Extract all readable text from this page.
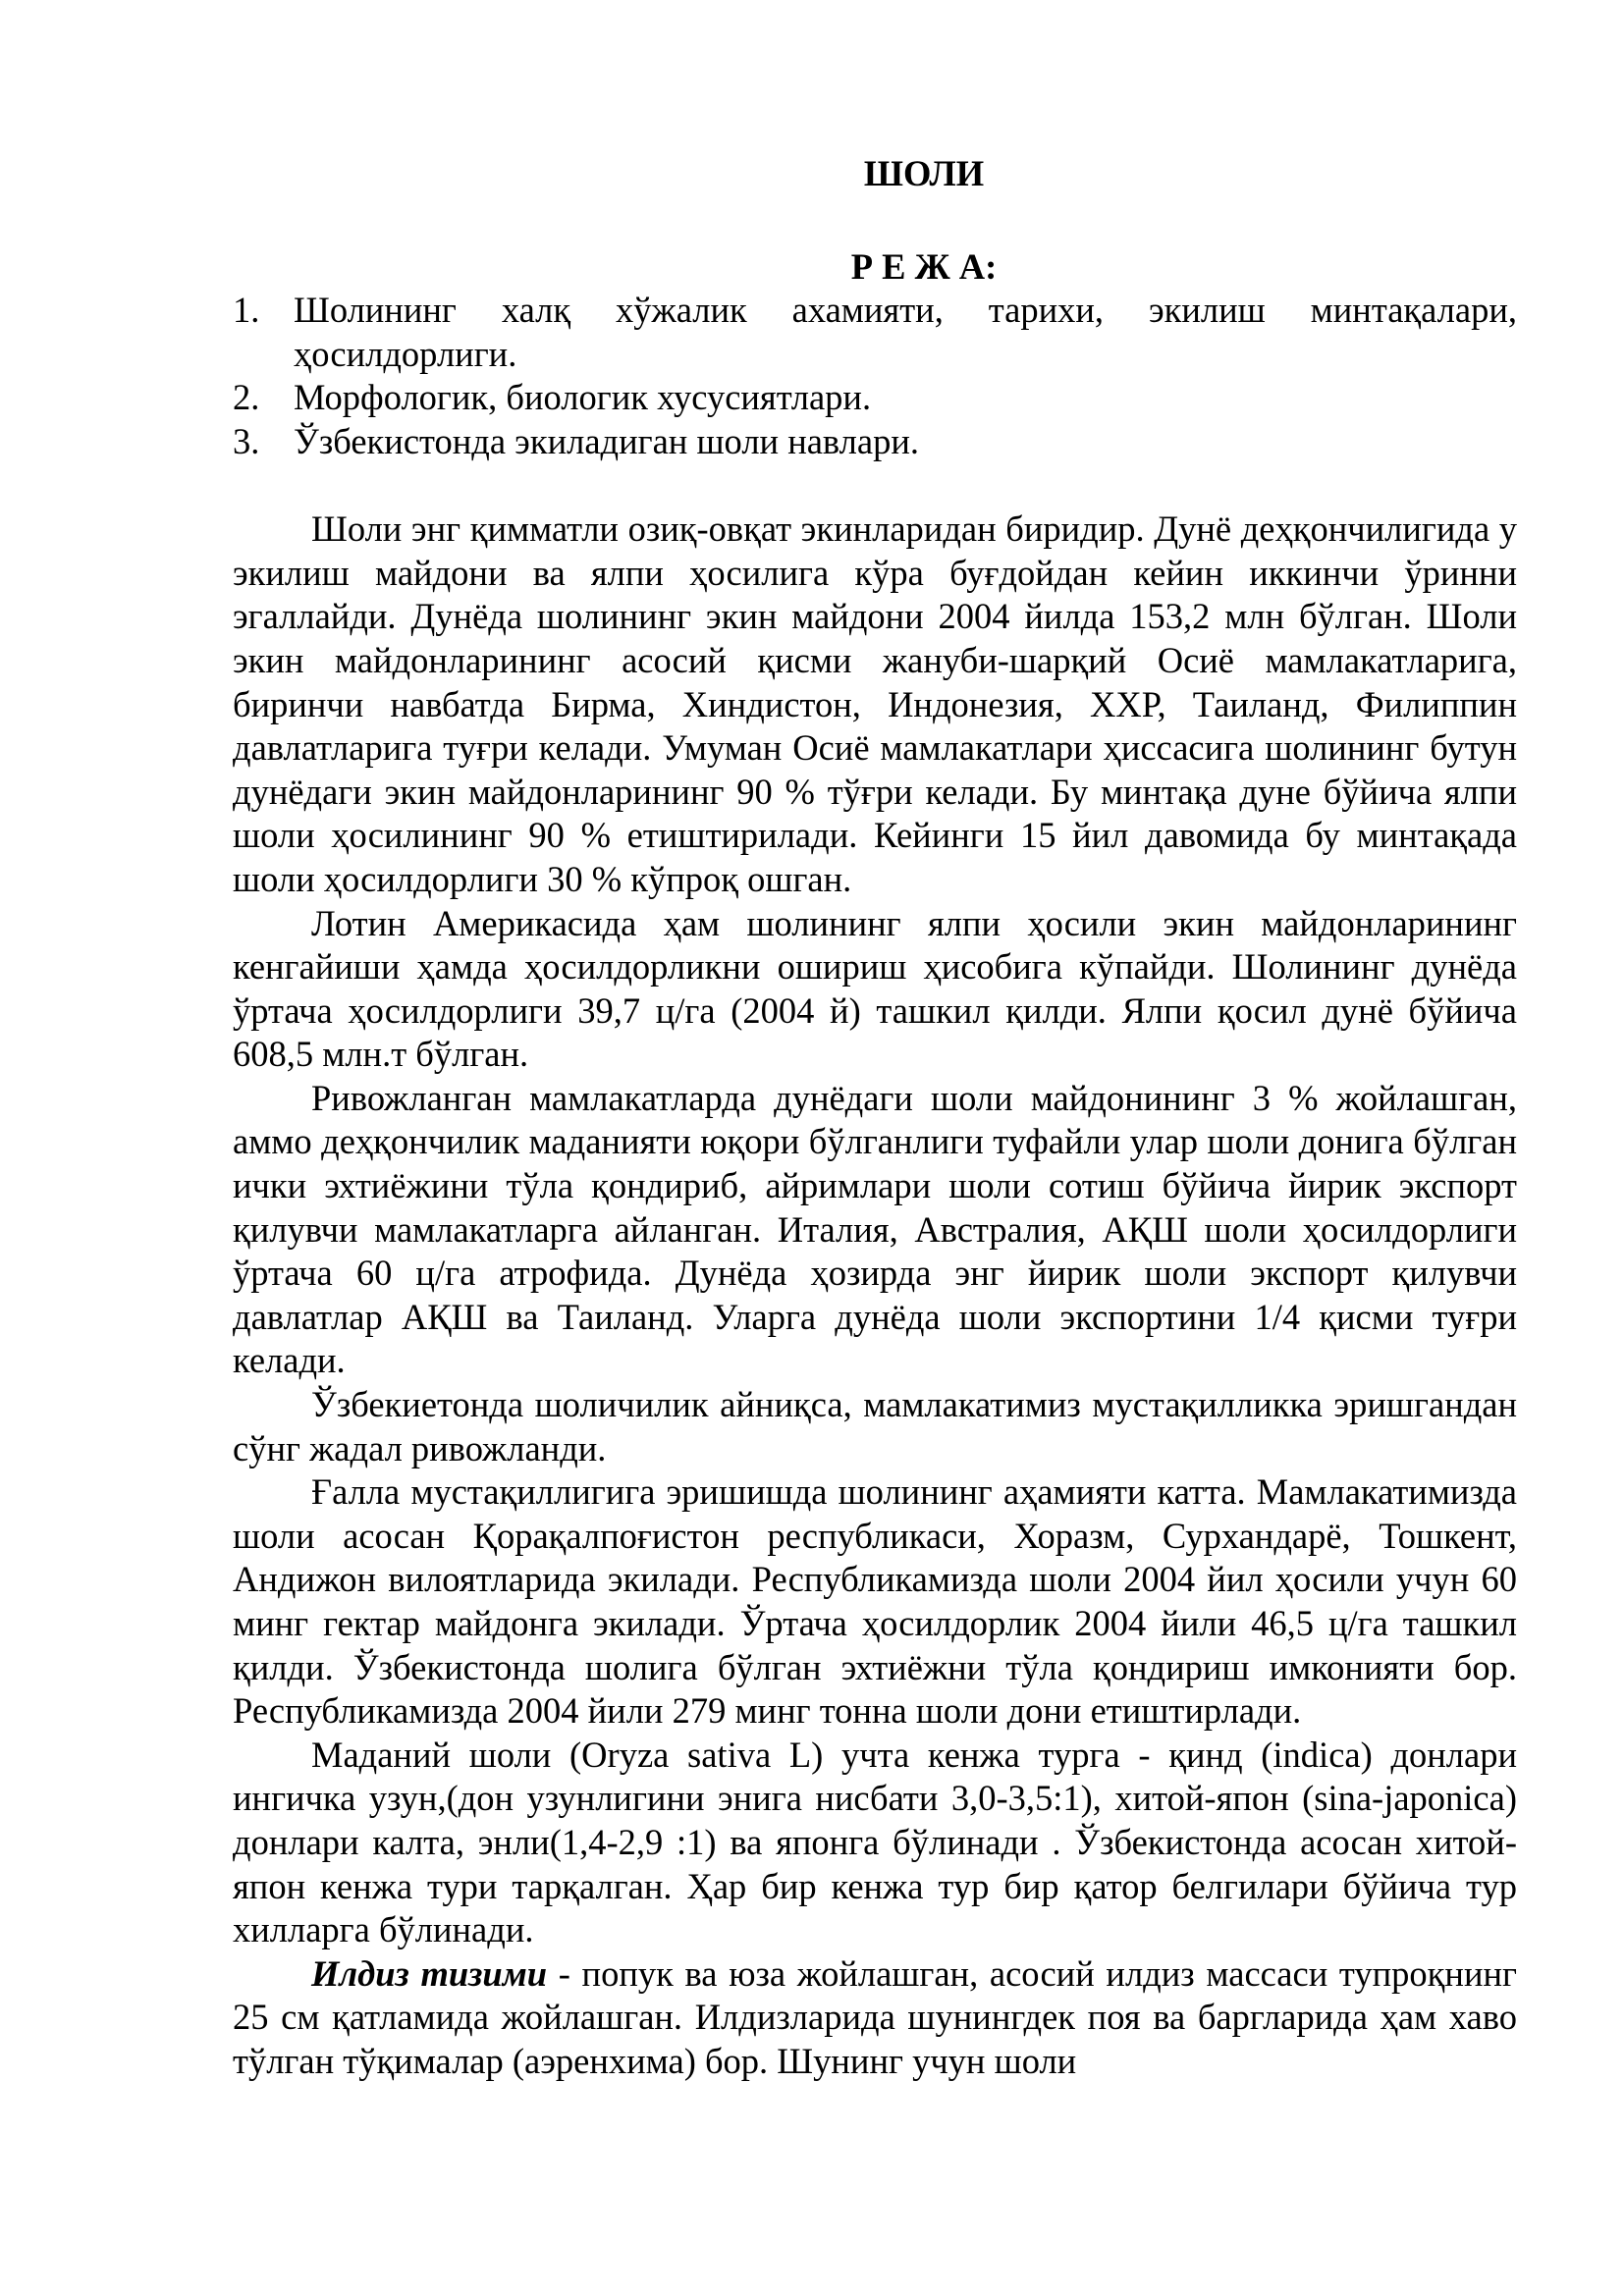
ШОЛИ

Р Е Ж А:

1. Шолининг халқ хўжалик ахамияти, тарихи, экилиш минтақалари, ҳосилдорлиги.
2. Морфологик, биологик хусусиятлари.
3. Ўзбекистонда экиладиган шоли навлари.

Шоли энг қимматли озиқ-овқат экинларидан биридир. Дунё деҳқончилигида у экилиш майдони ва ялпи ҳосилига кўра буғдойдан кейин иккинчи ўринни эгаллайди. Дунёда шолининг экин майдони 2004 йилда 153,2 млн бўлган. Шоли экин майдонларининг асосий қисми жануби-шарқий Осиё мамлакатларига, биринчи навбатда Бирма, Хиндистон, Индонезия, ХХР, Таиланд, Филиппин давлатларига туғри келади. Умуман Осиё мамлакатлари ҳиссасига шолининг бутун дунёдаги экин майдонларининг 90 % тўғри келади. Бу минтақа дуне бўйича ялпи шоли ҳосилининг 90 % етиштирилади. Кейинги 15 йил давомида бу минтақада шоли ҳосилдорлиги 30 % кўпроқ ошган.

Лотин Америкасида ҳам шолининг ялпи ҳосили экин майдонларининг кенгайиши ҳамда ҳосилдорликни ошириш ҳисобига кўпайди. Шолининг дунёда ўртача ҳосилдорлиги 39,7 ц/га (2004 й) ташкил қилди. Ялпи қосил дунё бўйича 608,5 млн.т бўлган.

Ривожланган мамлакатларда дунёдаги шоли майдонининг 3 % жойлашган, аммо деҳқончилик маданияти юқори бўлганлиги туфайли улар шоли донига бўлган ички эхтиёжини тўла қондириб, айримлари шоли сотиш бўйича йирик экспорт қилувчи мамлакатларга айланган. Италия, Австралия, АҚШ шоли ҳосилдорлиги ўртача 60 ц/га атрофида. Дунёда ҳозирда энг йирик шоли экспорт қилувчи давлатлар АҚШ ва Таиланд. Уларга дунёда шоли экспортини 1/4 қисми туғри келади.

Ўзбекиетонда шоличилик айниқса, мамлакатимиз мустақилликка эришгандан сўнг жадал ривожланди.

Ғалла мустақиллигига эришишда шолининг аҳамияти катта. Мамлакатимизда шоли асосан Қорақалпоғистон республикаси, Хоразм, Сурхандарё, Тошкент, Андижон вилоятларида экилади. Республикамизда шоли 2004 йил ҳосили учун 60 минг гектар майдонга экилади. Ўртача ҳосилдорлик 2004 йили 46,5 ц/га ташкил қилди. Ўзбекистонда шолига бўлган эхтиёжни тўла қондириш имконияти бор. Республикамизда 2004 йили 279 минг тонна шоли дони етиштирлади.

Маданий шоли (Oryza sativa L) учта кенжа турга - қинд (indica) донлари ингичка узун,(дон узунлигини энига нисбати 3,0-3,5:1), хитой-япон (sina-japonica) донлари калта, энли(1,4-2,9 :1) ва японга бўлинади . Ўзбекистонда асосан хитой-япон кенжа тури тарқалган. Ҳар бир кенжа тур бир қатор белгилари бўйича тур хилларга бўлинади.

Илдиз тизими - попук ва юза жойлашган, асосий илдиз массаси тупроқнинг 25 см қатламида жойлашган. Илдизларида шунингдек поя ва баргларида ҳам хаво тўлган тўқималар (аэренхима) бор. Шунинг учун шоли
